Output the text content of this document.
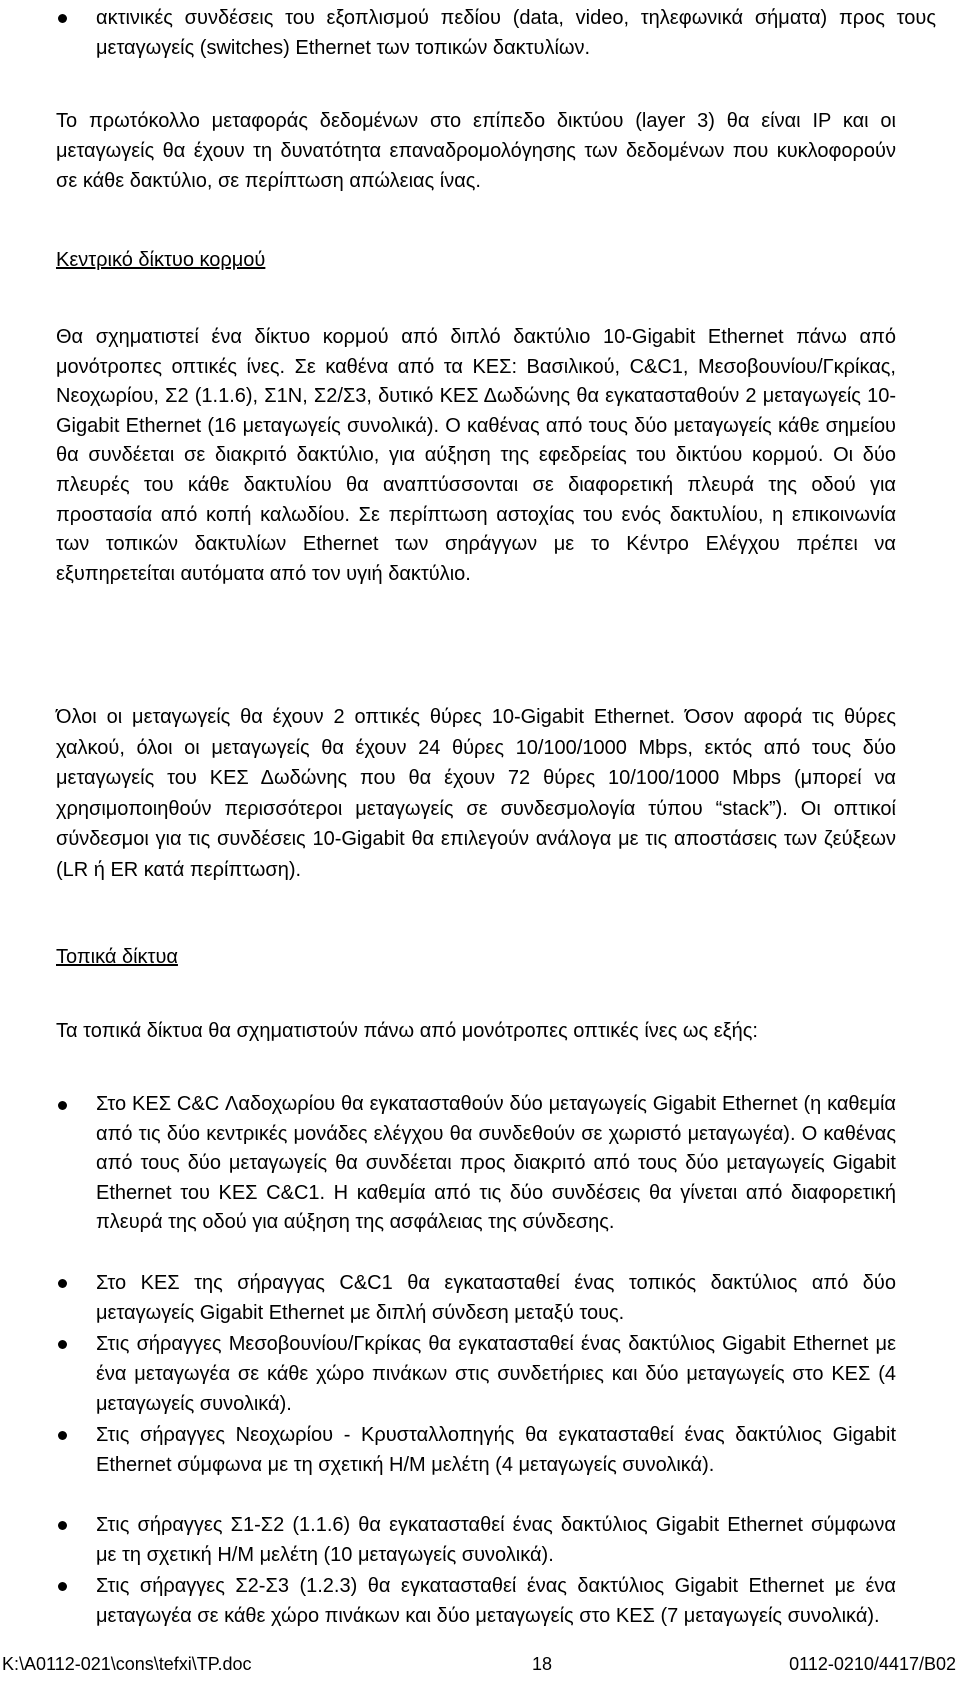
ακτινικές συνδέσεις του εξοπλισμού πεδίου (data, video, τηλεφωνικά σήματα) προς τους μεταγωγείς (switches) Ethernet των τοπικών δακτυλίων.

Το πρωτόκολλο μεταφοράς δεδομένων στο επίπεδο δικτύου (layer 3) θα είναι IP και οι μεταγωγείς θα έχουν τη δυνατότητα επαναδρομολόγησης των δεδομένων που κυκλοφορούν σε κάθε δακτύλιο, σε περίπτωση απώλειας ίνας.

Κεντρικό δίκτυο κορμού

Θα σχηματιστεί ένα δίκτυο κορμού από διπλό δακτύλιο 10-Gigabit Ethernet πάνω από μονότροπες οπτικές ίνες. Σε καθένα από τα ΚΕΣ: Βασιλικού, C&C1, Μεσοβουνίου/Γκρίκας, Νεοχωρίου, Σ2 (1.1.6), Σ1Ν, Σ2/Σ3, δυτικό ΚΕΣ Δωδώνης θα εγκατασταθούν 2 μεταγωγείς 10-Gigabit Ethernet (16 μεταγωγείς συνολικά). Ο καθένας από τους δύο μεταγωγείς κάθε σημείου θα συνδέεται σε διακριτό δακτύλιο, για αύξηση της εφεδρείας του δικτύου κορμού. Οι δύο πλευρές του κάθε δακτυλίου θα αναπτύσσονται σε διαφορετική πλευρά της οδού για προστασία από κοπή καλωδίου. Σε περίπτωση αστοχίας του ενός δακτυλίου, η επικοινωνία των τοπικών δακτυλίων Ethernet των σηράγγων με το Κέντρο Ελέγχου πρέπει να εξυπηρετείται αυτόματα από τον υγιή δακτύλιο.

Όλοι οι μεταγωγείς θα έχουν 2 οπτικές θύρες 10-Gigabit Ethernet. Όσον αφορά τις θύρες χαλκού, όλοι οι μεταγωγείς θα έχουν 24 θύρες 10/100/1000 Mbps, εκτός από τους δύο μεταγωγείς του ΚΕΣ Δωδώνης που θα έχουν 72 θύρες 10/100/1000 Mbps (μπορεί να χρησιμοποιηθούν περισσότεροι μεταγωγείς σε συνδεσμολογία τύπου “stack”). Οι οπτικοί σύνδεσμοι για τις συνδέσεις 10-Gigabit θα επιλεγούν ανάλογα με τις αποστάσεις των ζεύξεων (LR ή ER κατά περίπτωση).

Τοπικά δίκτυα

Τα τοπικά δίκτυα θα σχηματιστούν πάνω από μονότροπες οπτικές ίνες ως εξής:

Στο ΚΕΣ C&C Λαδοχωρίου θα εγκατασταθούν δύο μεταγωγείς Gigabit Ethernet (η καθεμία από τις δύο κεντρικές μονάδες ελέγχου θα συνδεθούν σε χωριστό μεταγωγέα). Ο καθένας από τους δύο μεταγωγείς θα συνδέεται προς διακριτό από τους δύο μεταγωγείς Gigabit Ethernet του ΚΕΣ C&C1. Η καθεμία από τις δύο συνδέσεις θα γίνεται από διαφορετική πλευρά της οδού για αύξηση της ασφάλειας της σύνδεσης.

Στο ΚΕΣ της σήραγγας C&C1 θα εγκατασταθεί ένας τοπικός δακτύλιος από δύο μεταγωγείς Gigabit Ethernet με διπλή σύνδεση μεταξύ τους.

Στις σήραγγες Μεσοβουνίου/Γκρίκας θα εγκατασταθεί ένας δακτύλιος Gigabit Ethernet με ένα μεταγωγέα σε κάθε χώρο πινάκων στις συνδετήριες και δύο μεταγωγείς στο ΚΕΣ (4 μεταγωγείς συνολικά).

Στις σήραγγες Νεοχωρίου - Κρυσταλλοπηγής θα εγκατασταθεί ένας δακτύλιος Gigabit Ethernet σύμφωνα με τη σχετική Η/Μ μελέτη (4 μεταγωγείς συνολικά).

Στις σήραγγες Σ1-Σ2 (1.1.6) θα εγκατασταθεί ένας δακτύλιος Gigabit Ethernet σύμφωνα με τη σχετική Η/Μ μελέτη (10 μεταγωγείς συνολικά).

Στις σήραγγες Σ2-Σ3 (1.2.3) θα εγκατασταθεί ένας δακτύλιος Gigabit Ethernet με ένα μεταγωγέα σε κάθε χώρο πινάκων και δύο μεταγωγείς στο ΚΕΣ (7 μεταγωγείς συνολικά).

K:\A0112-021\cons\tefxi\TP.doc	18	0112-0210/4417/B02
